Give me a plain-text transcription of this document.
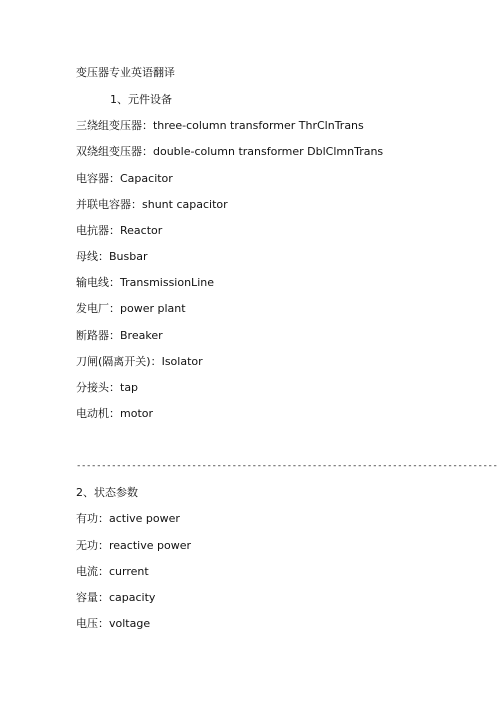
变压器专业英语翻译
1、元件设备
三绕组变压器：three-column transformer ThrClnTrans
双绕组变压器：double-column transformer DblClmnTrans
电容器：Capacitor
并联电容器：shunt capacitor
电抗器：Reactor
母线：Busbar
输电线：TransmissionLine
发电厂：power plant
断路器：Breaker
刀闸(隔离开关)：Isolator
分接头：tap
电动机：motor
------------------------------------------------------------------------------------
2、状态参数
有功：active power
无功：reactive power
电流：current
容量：capacity
电压：voltage
